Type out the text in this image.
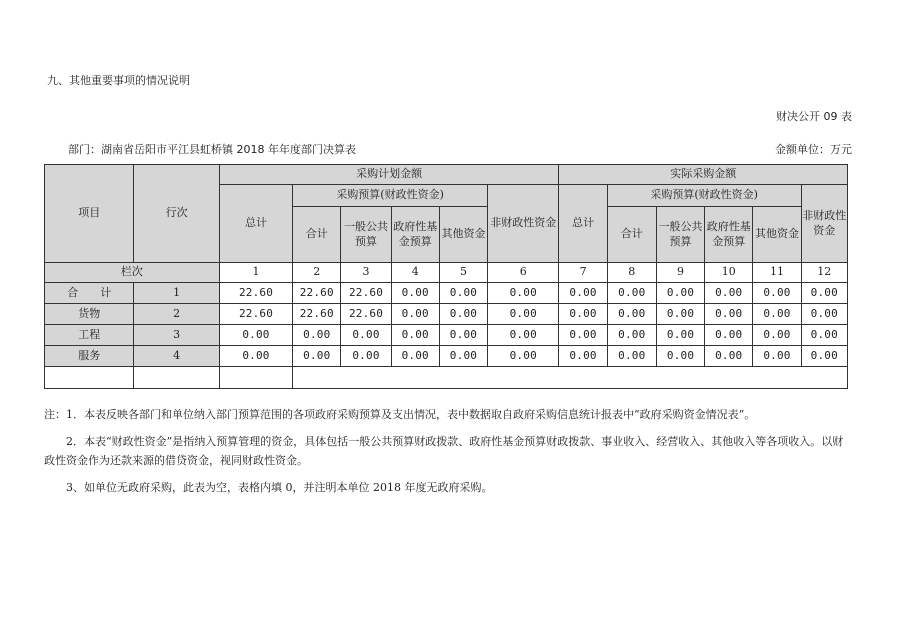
九、其他重要事项的情况说明
财决公开 09 表
部门：湖南省岳阳市平江县虹桥镇 2018 年年度部门决算表	金额单位：万元
项目	行次	采购计划金额						实际采购金额					
		总计	采购预算(财政性资金)				非财政性资金	总计	采购预算(财政性资金)				非财政性资金
			合计	一般公共预算	政府性基金预算	其他资金			合计	一般公共预算	政府性基金预算	其他资金	
栏次		1	2	3	4	5	6	7	8	9	10	11	12
合　　计	1	22.60	22.60	22.60	0.00	0.00	0.00	0.00	0.00	0.00	0.00	0.00	0.00
货物	2	22.60	22.60	22.60	0.00	0.00	0.00	0.00	0.00	0.00	0.00	0.00	0.00
工程	3	0.00	0.00	0.00	0.00	0.00	0.00	0.00	0.00	0.00	0.00	0.00	0.00
服务	4	0.00	0.00	0.00	0.00	0.00	0.00	0.00	0.00	0.00	0.00	0.00	0.00

注：1．本表反映各部门和单位纳入部门预算范围的各项政府采购预算及支出情况，表中数据取自政府采购信息统计报表中“政府采购资金情况表”。

2．本表“财政性资金”是指纳入预算管理的资金，具体包括一般公共预算财政拨款、政府性基金预算财政拨款、事业收入、经营收入、其他收入等各项收入。以财政性资金作为还款来源的借贷资金，视同财政性资金。

3、如单位无政府采购，此表为空，表格内填 0，并注明本单位 2018 年度无政府采购。
